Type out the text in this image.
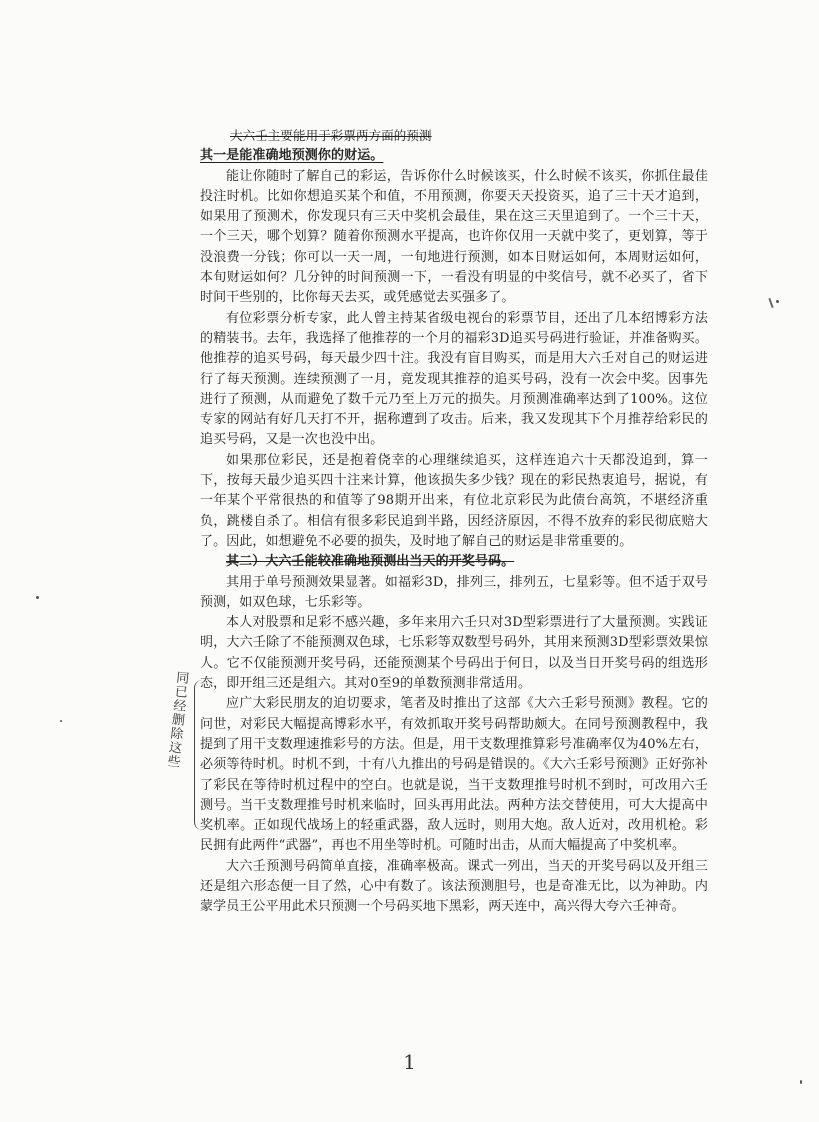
大六壬主要能用于彩票两方面的预测

其一是能准确地预测你的财运。

能让你随时了解自己的彩运，告诉你什么时候该买，什么时候不该买，你抓住最佳投注时机。比如你想追买某个和值，不用预测，你要天天投资买，追了三十天才追到，如果用了预测术，你发现只有三天中奖机会最佳，果在这三天里追到了。一个三十天，一个三天，哪个划算？随着你预测水平提高，也许你仅用一天就中奖了，更划算，等于没浪费一分钱；你可以一天一周，一旬地进行预测，如本日财运如何，本周财运如何，本旬财运如何？几分钟的时间预测一下，一看没有明显的中奖信号，就不必买了，省下时间干些别的，比你每天去买，或凭感觉去买强多了。

有位彩票分析专家，此人曾主持某省级电视台的彩票节目，还出了几本绍博彩方法的精装书。去年，我选择了他推荐的一个月的福彩3D追买号码进行验证，并准备购买。他推荐的追买号码，每天最少四十注。我没有盲目购买，而是用大六壬对自己的财运进行了每天预测。连续预测了一月，竟发现其推荐的追买号码，没有一次会中奖。因事先进行了预测，从而避免了数千元乃至上万元的损失。月预测准确率达到了100%。这位专家的网站有好几天打不开，据称遭到了攻击。后来，我又发现其下个月推荐给彩民的追买号码，又是一次也没中出。

如果那位彩民，还是抱着侥幸的心理继续追买，这样连追六十天都没追到，算一下，按每天最少追买四十注来计算，他该损失多少钱？现在的彩民热衷追号，据说，有一年某个平常很热的和值等了98期开出来，有位北京彩民为此债台高筑，不堪经济重负，跳楼自杀了。相信有很多彩民追到半路，因经济原因，不得不放弃的彩民彻底赔大了。因此，如想避免不必要的损失，及时地了解自己的财运是非常重要的。

其二）大六壬能较准确地预测出当天的开奖号码。

其用于单号预测效果显著。如福彩3D，排列三，排列五，七星彩等。但不适于双号预测，如双色球，七乐彩等。

本人对股票和足彩不感兴趣，多年来用六壬只对3D型彩票进行了大量预测。实践证明，大六壬除了不能预测双色球，七乐彩等双数型号码外，其用来预测3D型彩票效果惊人。它不仅能预测开奖号码，还能预测某个号码出于何日，以及当日开奖号码的组选形态，即开组三还是组六。其对0至9的单数预测非常适用。

应广大彩民朋友的迫切要求，笔者及时推出了这部《大六壬彩号预测》教程。它的问世，对彩民大幅提高博彩水平，有效抓取开奖号码帮助颇大。在同号预测教程中，我提到了用干支数理速推彩号的方法。但是，用干支数理推算彩号准确率仅为40%左右，必须等待时机。时机不到，十有八九推出的号码是错误的。《大六壬彩号预测》正好弥补了彩民在等待时机过程中的空白。也就是说，当干支数理推号时机不到时，可改用六壬测号。当干支数理推号时机来临时，回头再用此法。两种方法交替使用，可大大提高中奖机率。正如现代战场上的轻重武器，敌人远时，则用大炮。敌人近对，改用机枪。彩民拥有此两件“武器”，再也不用坐等时机。可随时出击，从而大幅提高了中奖机率。

大六壬预测号码简单直接，准确率极高。课式一列出，当天的开奖号码以及开组三还是组六形态便一目了然，心中有数了。该法预测胆号，也是奇准无比，以为神助。内蒙学员王公平用此术只预测一个号码买地下黑彩，两天连中，高兴得大夸六壬神奇。

同已经删除这些
1
